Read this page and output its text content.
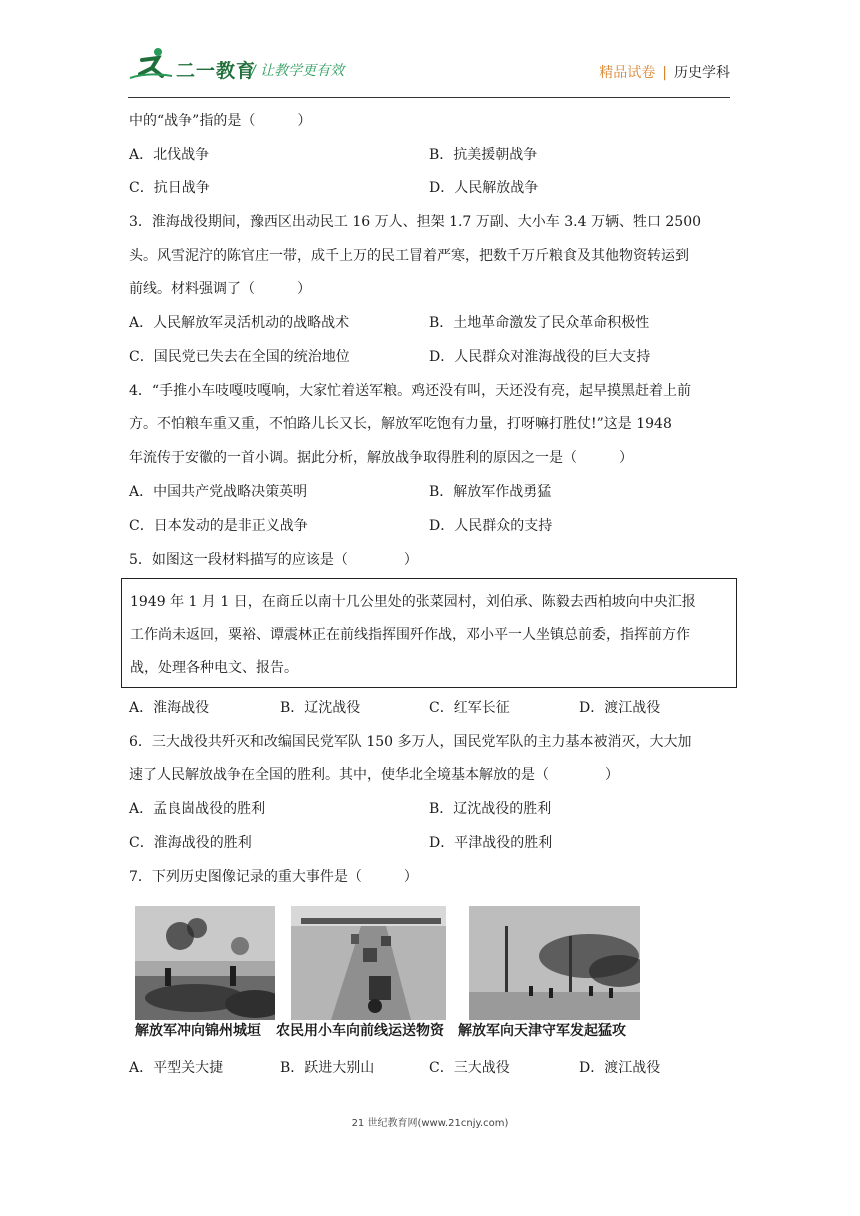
二一教育
/ 让教学更有效	精品试卷 | 历史学科
中的“战争”指的是（　　　）
A．北伐战争	B．抗美援朝战争
C．抗日战争	D．人民解放战争
3．淮海战役期间，豫西区出动民工 16 万人、担架 1.7 万副、大小车 3.4 万辆、牲口 2500
头。风雪泥泞的陈官庄一带，成千上万的民工冒着严寒，把数千万斤粮食及其他物资转运到
前线。材料强调了（　　　）
A．人民解放军灵活机动的战略战术	B．土地革命激发了民众革命积极性
C．国民党已失去在全国的统治地位	D．人民群众对淮海战役的巨大支持
4．“手推小车吱嘎吱嘎响，大家忙着送军粮。鸡还没有叫，天还没有亮，起早摸黑赶着上前
方。不怕粮车重又重，不怕路儿长又长，解放军吃饱有力量，打呀嘛打胜仗!”这是 1948
年流传于安徽的一首小调。据此分析，解放战争取得胜利的原因之一是（　　　）
A．中国共产党战略决策英明	B．解放军作战勇猛
C．日本发动的是非正义战争	D．人民群众的支持
5．如图这一段材料描写的应该是（　　　　）
1949 年 1 月 1 日，在商丘以南十几公里处的张菜园村，刘伯承、陈毅去西柏坡向中央汇报
工作尚未返回，粟裕、谭震林正在前线指挥围歼作战，邓小平一人坐镇总前委，指挥前方作
战，处理各种电文、报告。
A．淮海战役	B．辽沈战役	C．红军长征	D．渡江战役
6．三大战役共歼灭和改编国民党军队 150 多万人，国民党军队的主力基本被消灭，大大加
速了人民解放战争在全国的胜利。其中，使华北全境基本解放的是（　　　　）
A．孟良崮战役的胜利	B．辽沈战役的胜利
C．淮海战役的胜利	D．平津战役的胜利
7．下列历史图像记录的重大事件是（　　　）
解放军冲向锦州城垣 农民用小车向前线运送物资 解放军向天津守军发起猛攻
A．平型关大捷	B．跃进大别山	C．三大战役	D．渡江战役
21 世纪教育网(www.21cnjy.com)
